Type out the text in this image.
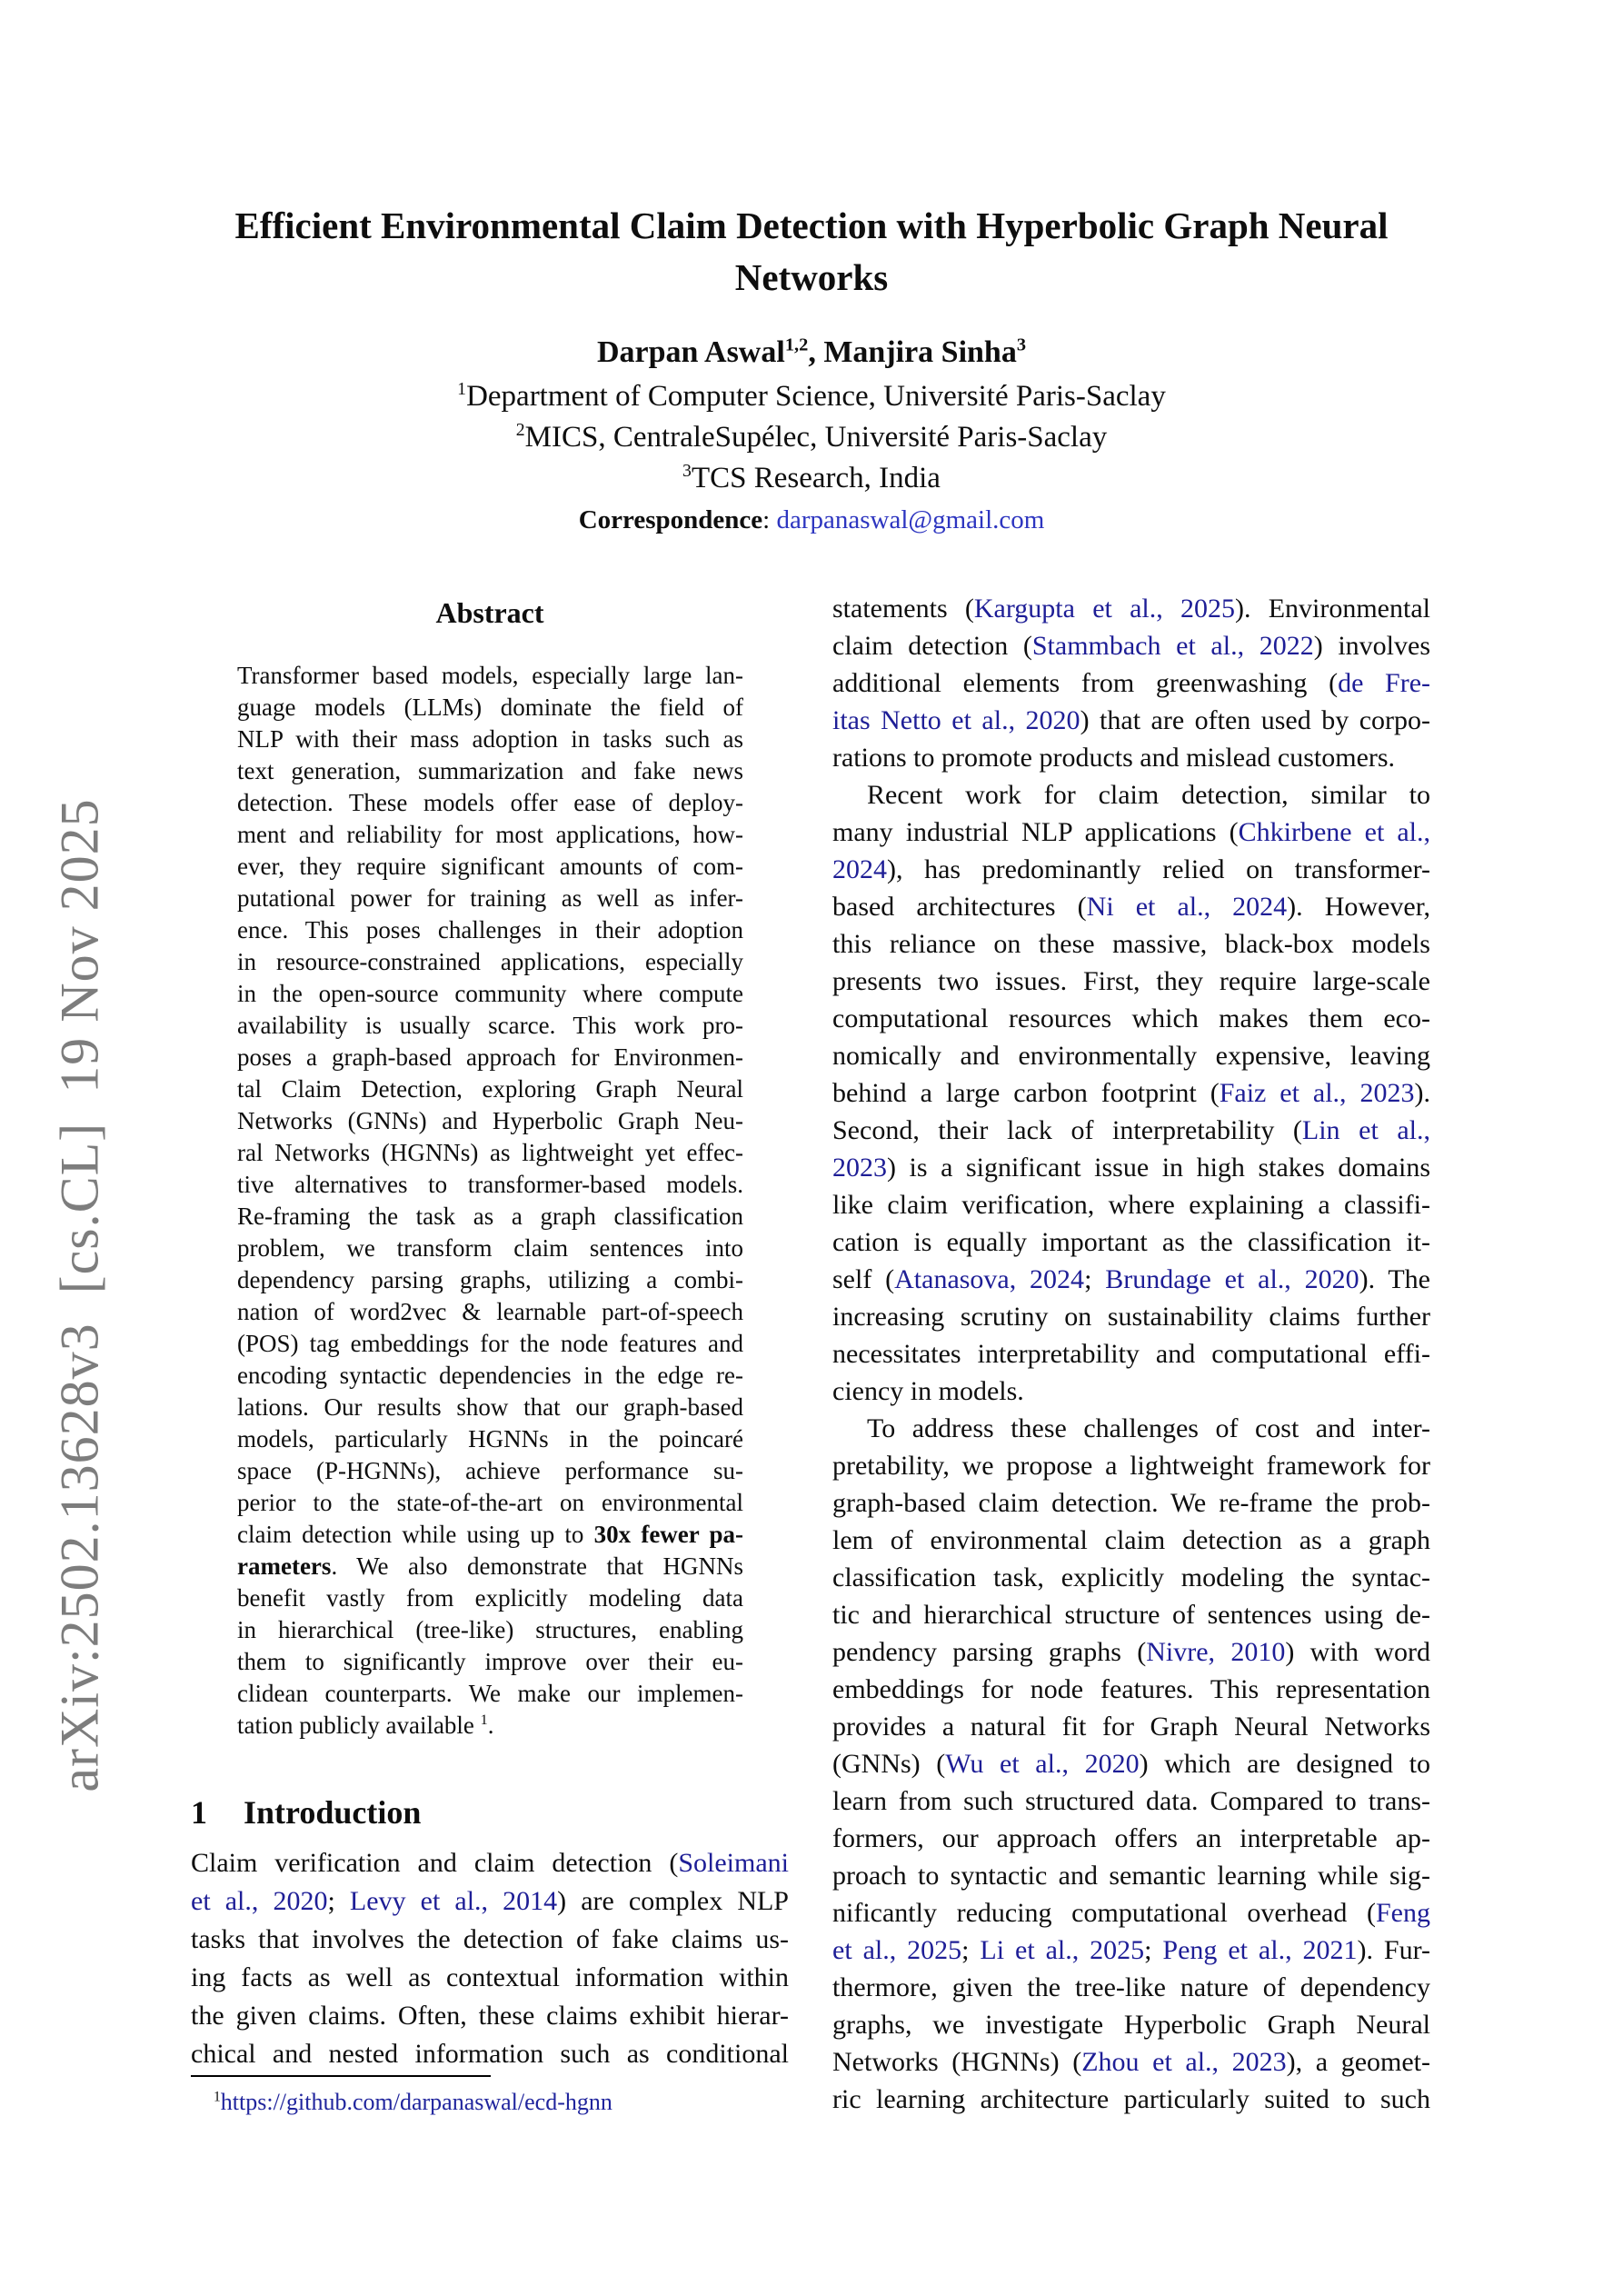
arXiv:2502.13628v3  [cs.CL]  19 Nov 2025
Efficient Environmental Claim Detection with Hyperbolic Graph Neural
Networks
Darpan Aswal$^{1,2}$, Manjira Sinha$^3$
$^1$Department of Computer Science, Université Paris-Saclay
$^2$MICS, CentraleSupélec, Université Paris-Saclay
$^3$TCS Research, India
Correspondence: darpanaswal@gmail.com
Abstract
Transformer based models, especially large lan-
guage models (LLMs) dominate the field of
NLP with their mass adoption in tasks such as
text generation, summarization and fake news
detection. These models offer ease of deploy-
ment and reliability for most applications, how-
ever, they require significant amounts of com-
putational power for training as well as infer-
ence. This poses challenges in their adoption
in resource-constrained applications, especially
in the open-source community where compute
availability is usually scarce. This work pro-
poses a graph-based approach for Environmen-
tal Claim Detection, exploring Graph Neural
Networks (GNNs) and Hyperbolic Graph Neu-
ral Networks (HGNNs) as lightweight yet effec-
tive alternatives to transformer-based models.
Re-framing the task as a graph classification
problem, we transform claim sentences into
dependency parsing graphs, utilizing a combi-
nation of word2vec & learnable part-of-speech
(POS) tag embeddings for the node features and
encoding syntactic dependencies in the edge re-
lations. Our results show that our graph-based
models, particularly HGNNs in the poincaré
space (P-HGNNs), achieve performance su-
perior to the state-of-the-art on environmental
claim detection while using up to 30x fewer pa-
rameters. We also demonstrate that HGNNs
benefit vastly from explicitly modeling data
in hierarchical (tree-like) structures, enabling
them to significantly improve over their eu-
clidean counterparts. We make our implemen-
tation publicly available $^1$.
1 Introduction
Claim verification and claim detection (Soleimani
et al., 2020; Levy et al., 2014) are complex NLP
tasks that involves the detection of fake claims us-
ing facts as well as contextual information within
the given claims. Often, these claims exhibit hierar-
chical and nested information such as conditional
$^1$https://github.com/darpanaswal/ecd-hgnn
statements (Kargupta et al., 2025). Environmental
claim detection (Stammbach et al., 2022) involves
additional elements from greenwashing (de Fre-
itas Netto et al., 2020) that are often used by corpo-
rations to promote products and mislead customers.
Recent work for claim detection, similar to
many industrial NLP applications (Chkirbene et al.,
2024), has predominantly relied on transformer-
based architectures (Ni et al., 2024). However,
this reliance on these massive, black-box models
presents two issues. First, they require large-scale
computational resources which makes them eco-
nomically and environmentally expensive, leaving
behind a large carbon footprint (Faiz et al., 2023).
Second, their lack of interpretability (Lin et al.,
2023) is a significant issue in high stakes domains
like claim verification, where explaining a classifi-
cation is equally important as the classification it-
self (Atanasova, 2024; Brundage et al., 2020). The
increasing scrutiny on sustainability claims further
necessitates interpretability and computational effi-
ciency in models.
To address these challenges of cost and inter-
pretability, we propose a lightweight framework for
graph-based claim detection. We re-frame the prob-
lem of environmental claim detection as a graph
classification task, explicitly modeling the syntac-
tic and hierarchical structure of sentences using de-
pendency parsing graphs (Nivre, 2010) with word
embeddings for node features. This representation
provides a natural fit for Graph Neural Networks
(GNNs) (Wu et al., 2020) which are designed to
learn from such structured data. Compared to trans-
formers, our approach offers an interpretable ap-
proach to syntactic and semantic learning while sig-
nificantly reducing computational overhead (Feng
et al., 2025; Li et al., 2025; Peng et al., 2021). Fur-
thermore, given the tree-like nature of dependency
graphs, we investigate Hyperbolic Graph Neural
Networks (HGNNs) (Zhou et al., 2023), a geomet-
ric learning architecture particularly suited to such
